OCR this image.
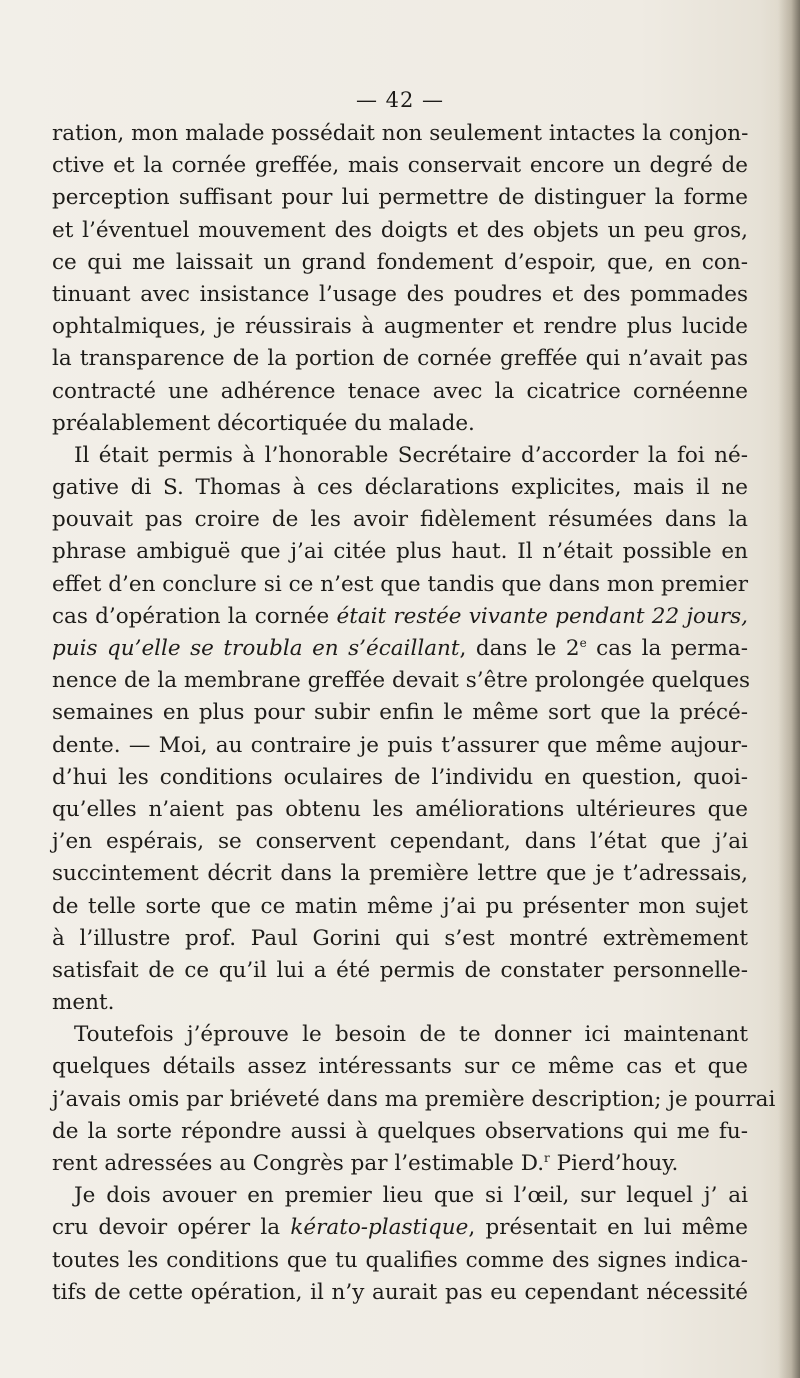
— 42 —
ration, mon malade possédait non seulement intactes la conjon-
ctive et la cornée greffée, mais conservait encore un degré de
perception suffisant pour lui permettre de distinguer la forme
et l’éventuel mouvement des doigts et des objets un peu gros,
ce qui me laissait un grand fondement d’espoir, que, en con-
tinuant avec insistance l’usage des poudres et des pommades
ophtalmiques, je réussirais à augmenter et rendre plus lucide
la transparence de la portion de cornée greffée qui n’avait pas
contracté une adhérence tenace avec la cicatrice cornéenne
préalablement décortiquée du malade.
Il était permis à l’honorable Secrétaire d’accorder la foi né-
gative di S. Thomas à ces déclarations explicites, mais il ne
pouvait pas croire de les avoir fidèlement résumées dans la
phrase ambiguë que j’ai citée plus haut. Il n’était possible en
effet d’en conclure si ce n’est que tandis que dans mon premier
cas d’opération la cornée était restée vivante pendant 22 jours,
puis qu’elle se troubla en s’écaillant, dans le 2e cas la perma-
nence de la membrane greffée devait s’être prolongée quelques
semaines en plus pour subir enfin le même sort que la précé-
dente. — Moi, au contraire je puis t’assurer que même aujour-
d’hui les conditions oculaires de l’individu en question, quoi-
qu’elles n’aient pas obtenu les améliorations ultérieures que
j’en espérais, se conservent cependant, dans l’état que j’ai
succintement décrit dans la première lettre que je t’adressais,
de telle sorte que ce matin même j’ai pu présenter mon sujet
à l’illustre prof. Paul Gorini qui s’est montré extrèmement
satisfait de ce qu’il lui a été permis de constater personnelle-
ment.
Toutefois j’éprouve le besoin de te donner ici maintenant
quelques détails assez intéressants sur ce même cas et que
j’avais omis par briéveté dans ma première description; je pourrai
de la sorte répondre aussi à quelques observations qui me fu-
rent adressées au Congrès par l’estimable D.$^r$ Pierd’houy.
Je dois avouer en premier lieu que si l’œil, sur lequel j’ ai
cru devoir opérer la kérato-plastique, présentait en lui même
toutes les conditions que tu qualifies comme des signes indica-
tifs de cette opération, il n’y aurait pas eu cependant nécessité
